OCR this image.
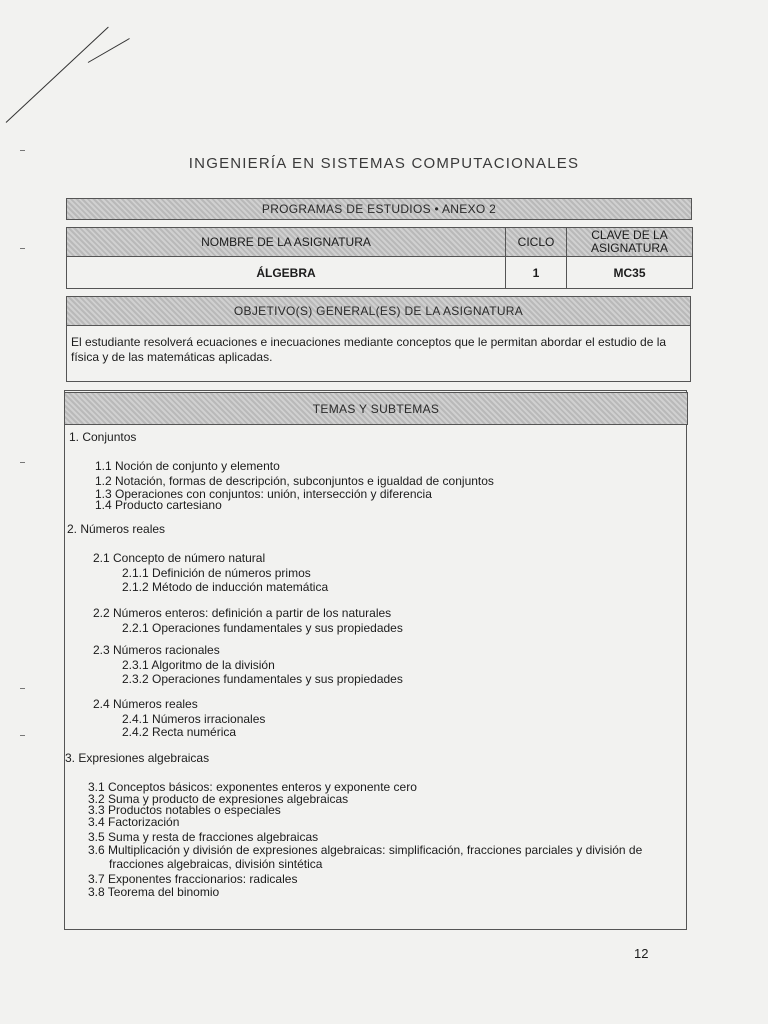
INGENIERÍA EN SISTEMAS COMPUTACIONALES
PROGRAMAS DE ESTUDIOS • ANEXO 2
NOMBRE DE LA ASIGNATURA	CICLO	CLAVE DE LA ASIGNATURA
ÁLGEBRA	1	MC35
OBJETIVO(S) GENERAL(ES) DE LA ASIGNATURA
El estudiante resolverá ecuaciones e inecuaciones mediante conceptos que le permitan abordar el estudio de la física y de las matemáticas aplicadas.
TEMAS Y SUBTEMAS
1. Conjuntos
1.1 Noción de conjunto y elemento
1.2 Notación, formas de descripción, subconjuntos e igualdad de conjuntos
1.3 Operaciones con conjuntos: unión, intersección y diferencia
1.4 Producto cartesiano
2. Números reales
2.1 Concepto de número natural
2.1.1 Definición de números primos
2.1.2 Método de inducción matemática
2.2 Números enteros: definición a partir de los naturales
2.2.1 Operaciones fundamentales y sus propiedades
2.3 Números racionales
2.3.1 Algoritmo de la división
2.3.2 Operaciones fundamentales y sus propiedades
2.4 Números reales
2.4.1 Números irracionales
2.4.2 Recta numérica
3. Expresiones algebraicas
3.1 Conceptos básicos: exponentes enteros y exponente cero
3.2 Suma y producto de expresiones algebraicas
3.3 Productos notables o especiales
3.4 Factorización
3.5 Suma y resta de fracciones algebraicas
3.6 Multiplicación y división de expresiones algebraicas: simplificación, fracciones parciales y división de
fracciones algebraicas, división sintética
3.7 Exponentes fraccionarios: radicales
3.8 Teorema del binomio
12
